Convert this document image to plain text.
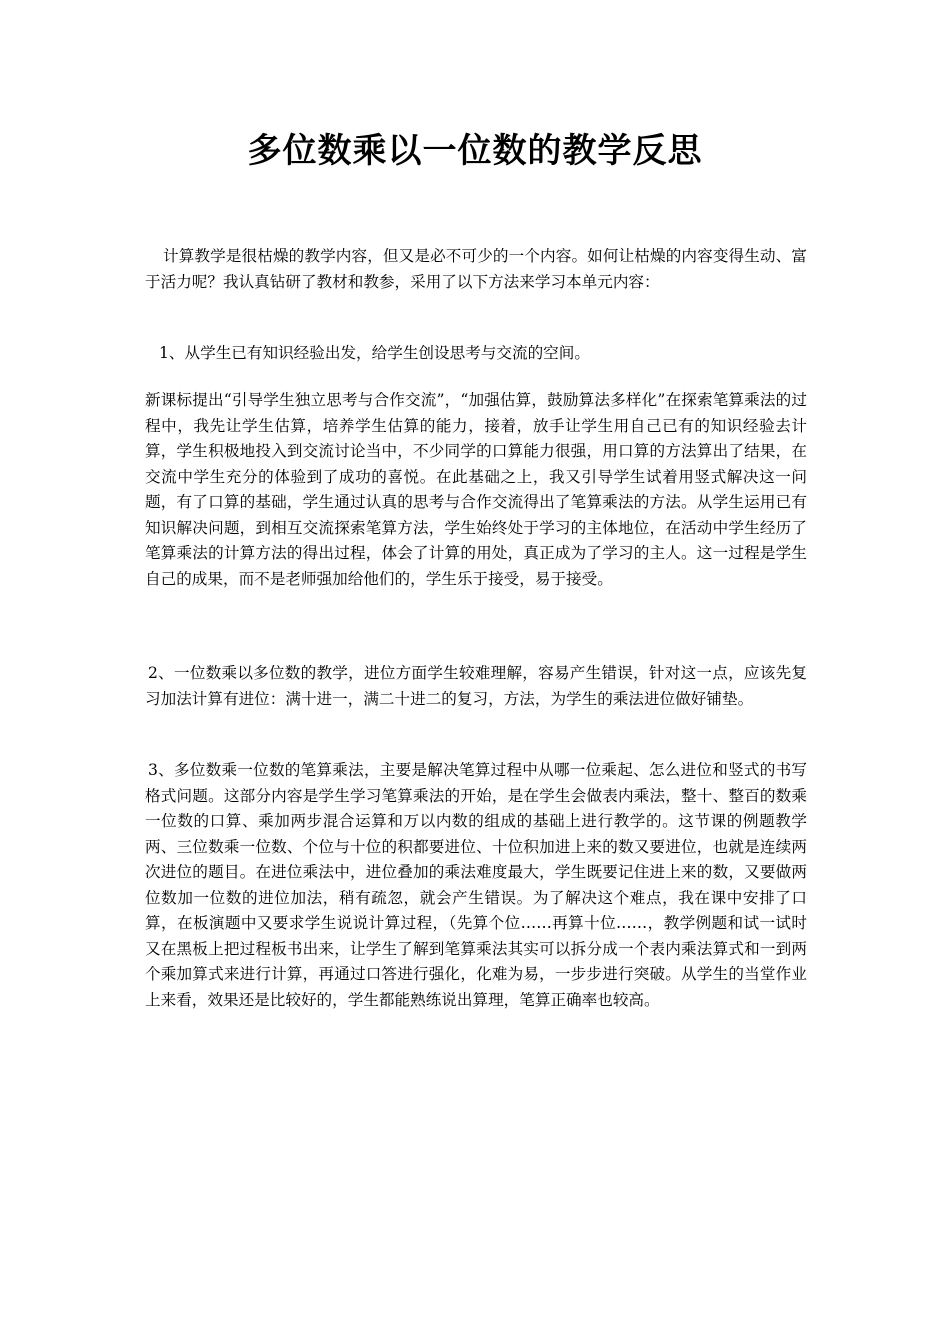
多位数乘以一位数的教学反思

计算教学是很枯燥的教学内容，但又是必不可少的一个内容。如何让枯燥的内容变得生动、富于活力呢？我认真钻研了教材和教参，采用了以下方法来学习本单元内容：

1、从学生已有知识经验出发，给学生创设思考与交流的空间。

新课标提出“引导学生独立思考与合作交流”，“加强估算，鼓励算法多样化”在探索笔算乘法的过程中，我先让学生估算，培养学生估算的能力，接着，放手让学生用自己已有的知识经验去计算，学生积极地投入到交流讨论当中，不少同学的口算能力很强，用口算的方法算出了结果，在交流中学生充分的体验到了成功的喜悦。在此基础之上，我又引导学生试着用竖式解决这一问题，有了口算的基础，学生通过认真的思考与合作交流得出了笔算乘法的方法。从学生运用已有知识解决问题，到相互交流探索笔算方法，学生始终处于学习的主体地位，在活动中学生经历了笔算乘法的计算方法的得出过程，体会了计算的用处，真正成为了学习的主人。这一过程是学生自己的成果，而不是老师强加给他们的，学生乐于接受，易于接受。

2、一位数乘以多位数的教学，进位方面学生较难理解，容易产生错误，针对这一点，应该先复习加法计算有进位：满十进一，满二十进二的复习，方法，为学生的乘法进位做好铺垫。

3、多位数乘一位数的笔算乘法，主要是解决笔算过程中从哪一位乘起、怎么进位和竖式的书写格式问题。这部分内容是学生学习笔算乘法的开始，是在学生会做表内乘法，整十、整百的数乘一位数的口算、乘加两步混合运算和万以内数的组成的基础上进行教学的。这节课的例题教学两、三位数乘一位数、个位与十位的积都要进位、十位积加进上来的数又要进位，也就是连续两次进位的题目。在进位乘法中，进位叠加的乘法难度最大，学生既要记住进上来的数，又要做两位数加一位数的进位加法，稍有疏忽，就会产生错误。为了解决这个难点，我在课中安排了口算，在板演题中又要求学生说说计算过程，（先算个位……再算十位……，教学例题和试一试时又在黑板上把过程板书出来，让学生了解到笔算乘法其实可以拆分成一个表内乘法算式和一到两个乘加算式来进行计算，再通过口答进行强化，化难为易，一步步进行突破。从学生的当堂作业上来看，效果还是比较好的，学生都能熟练说出算理，笔算正确率也较高。
